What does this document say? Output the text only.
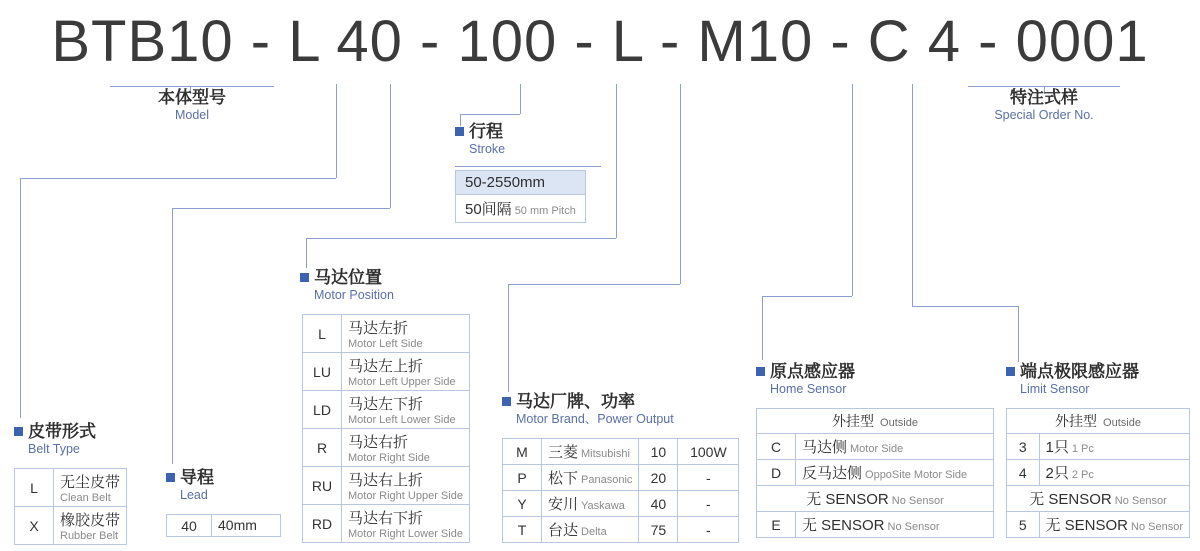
BTB10 - L 40 - 100 - L - M10 - C 4 - 0001
本体型号
Model
特注式样
Special Order No.
行程
Stroke
50-2550mm
50间隔 50 mm Pitch
皮带形式
Belt Type
L	无尘皮带
Clean Belt

X	橡胶皮带
Rubber Belt
导程
Lead
40	40mm
马达位置
Motor Position
L	马达左折
Motor Left Side

LU	马达左上折
Motor Left Upper Side

LD	马达左下折
Motor Left Lower Side

R	马达右折
Motor Right Side

RU	马达右上折
Motor Right Upper Side

RD	马达右下折
Motor Right Lower Side
马达厂牌、功率
Motor Brand、Power Output
M	三菱 Mitsubishi	10	100W
P	松下 Panasonic	20	-
Y	安川 Yaskawa	40	-
T	台达 Delta	75	-
原点感应器
Home Sensor
外挂型 Outside	
C	马达侧 Motor Side
D	反马达侧 OppoSite Motor Side
无 SENSOR No Sensor	
E	无 SENSOR No Sensor
端点极限感应器
Limit Sensor
外挂型 Outside	
3	1只 1 Pc
4	2只 2 Pc
无 SENSOR No Sensor	
5	无 SENSOR No Sensor
